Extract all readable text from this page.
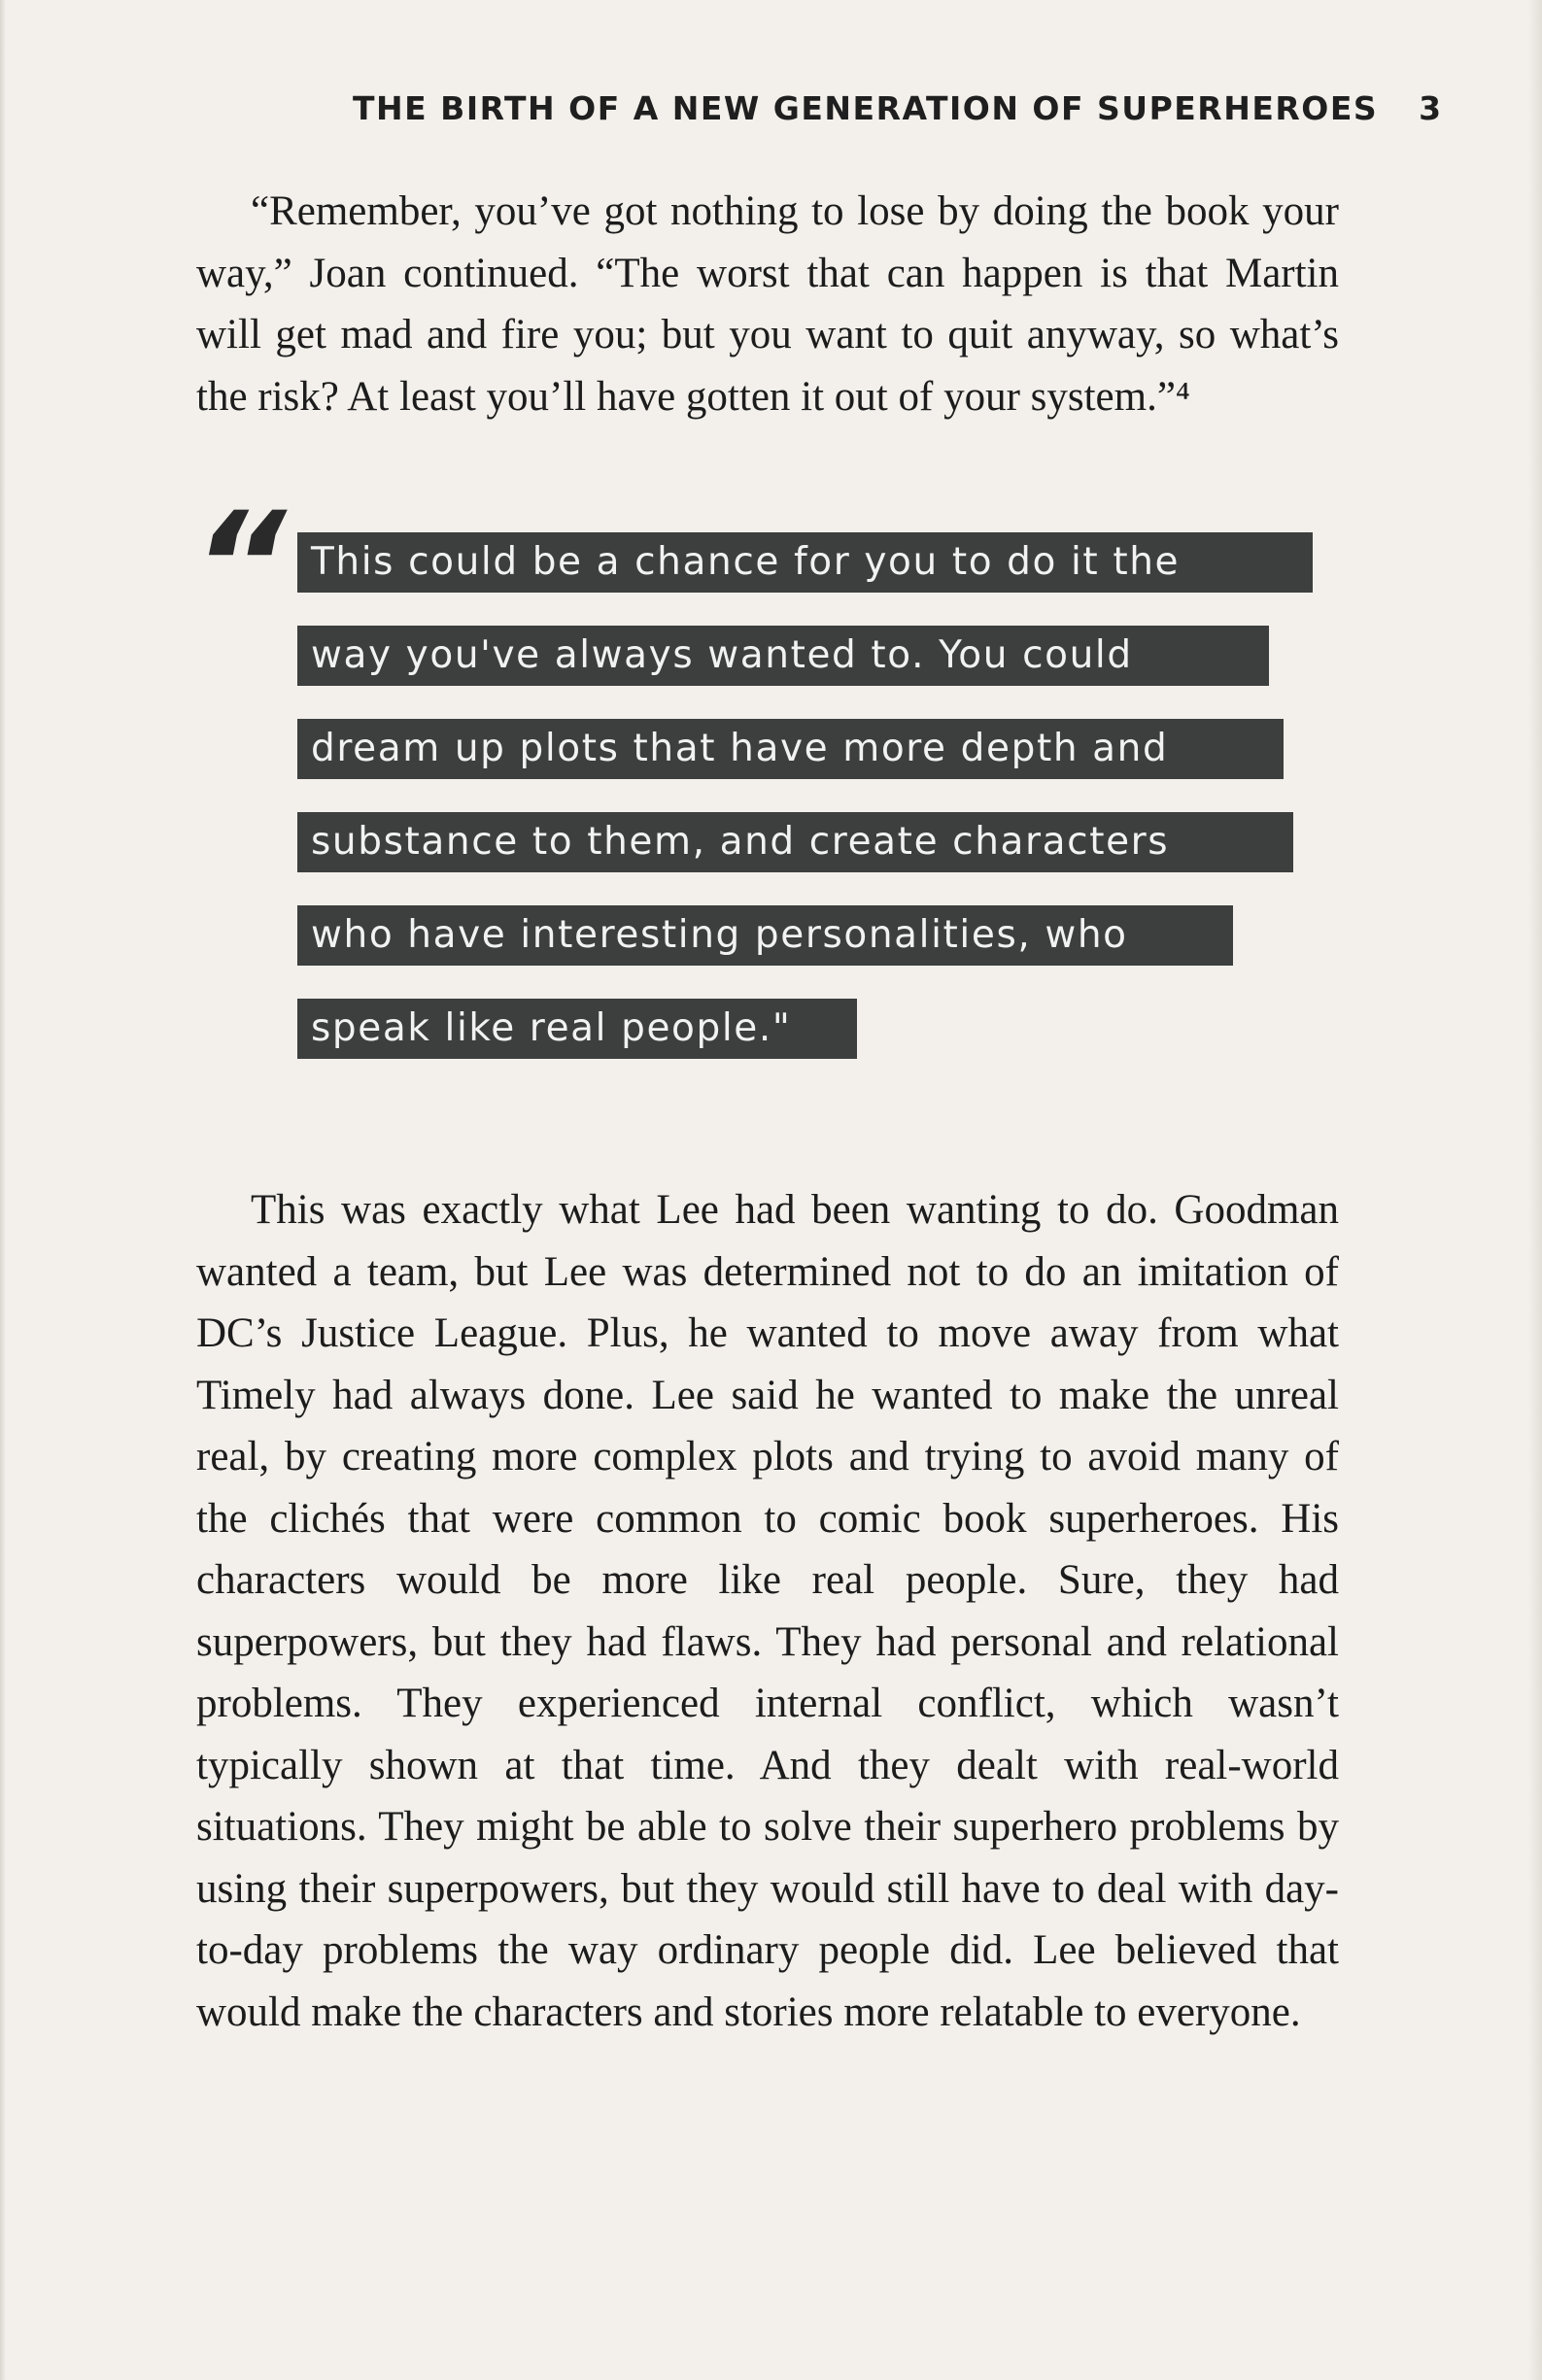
THE BIRTH OF A NEW GENERATION OF SUPERHEROES 3

“Remember, you’ve got nothing to lose by doing the book your way,” Joan continued. “The worst that can happen is that Martin will get mad and fire you; but you want to quit anyway, so what’s the risk? At least you’ll have gotten it out of your system.”⁴

“ This could be a chance for you to do it the
way you've always wanted to. You could
dream up plots that have more depth and
substance to them, and create characters
who have interesting personalities, who
speak like real people."

This was exactly what Lee had been wanting to do. Goodman wanted a team, but Lee was determined not to do an imitation of DC’s Justice League. Plus, he wanted to move away from what Timely had always done. Lee said he wanted to make the unreal real, by creating more complex plots and trying to avoid many of the clichés that were common to comic book superheroes. His characters would be more like real people. Sure, they had superpowers, but they had flaws. They had personal and relational problems. They experienced internal conflict, which wasn’t typically shown at that time. And they dealt with real-world situations. They might be able to solve their superhero problems by using their superpowers, but they would still have to deal with day-to-day problems the way ordinary people did. Lee believed that would make the characters and stories more relatable to everyone.
